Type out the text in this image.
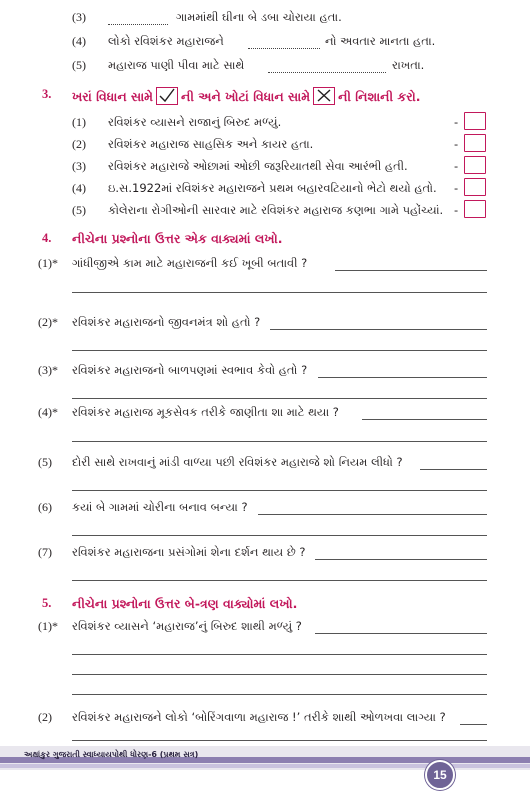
(3)	ગામમાંથી ઘીના બે ડબા ચોરાયા હતા.
(4) લોકો રવિશંકર મહારાજને	નો અવતાર માનતા હતા.
(5) મહારાજ પાણી પીવા માટે સાથે	રાખતા.
3. ખરાં વિધાન સામે ની અને ખોટાં વિધાન સામે ની નિશાની કરો.
(1) રવિશંકર વ્યાસને રાજાનું બિરુદ મળ્યું.	-
(2) રવિશંકર મહારાજ સાહસિક અને કાયર હતા.	-
(3) રવિશંકર મહારાજે ઓછામાં ઓછી જરૂરિયાતથી સેવા આરંભી હતી.	-
(4) ઇ.સ.1922માં રવિશંકર મહારાજને પ્રથમ બહારવટિયાનો ભેટો થયો હતો. -
(5) કોલેરાના રોગીઓની સારવાર માટે રવિશંકર મહારાજ કણભા ગામે પહોંચ્યાં. -
4. નીચેના પ્રશ્નોના ઉત્તર એક વાક્યમાં લખો.
(1)* ગાંધીજીએ કામ માટે મહારાજની કઈ ખૂબી બતાવી ?
(2)* રવિશંકર મહારાજનો જીવનમંત્ર શો હતો ?
(3)* રવિશંકર મહારાજનો બાળપણમાં સ્વભાવ કેવો હતો ?
(4)* રવિશંકર મહારાજ મૂકસેવક તરીકે જાણીતા શા માટે થયા ?
(5) દોરી સાથે રાખવાનું માંડી વાળ્યા પછી રવિશંકર મહારાજે શો નિયમ લીધો ?
(6) કયાં બે ગામમાં ચોરીના બનાવ બન્યા ?
(7) રવિશંકર મહારાજના પ્રસંગોમાં શેના દર્શન થાય છે ?
5. નીચેના પ્રશ્નોના ઉત્તર બે-ત્રણ વાક્યોમાં લખો.
(1)* રવિશંકર વ્યાસને ‘મહારાજ’નું બિરુદ શાથી મળ્યું ?
(2) રવિશંકર મહારાજને લોકો ‘બોરિંગવાળા મહારાજ !’ તરીકે શાથી ઓળખવા લાગ્યા ?
અક્ષાંકુર ગુજરાતી સ્વાધ્યાયપોથી ધોરણ-6 (પ્રથમ સત્ર)
15
